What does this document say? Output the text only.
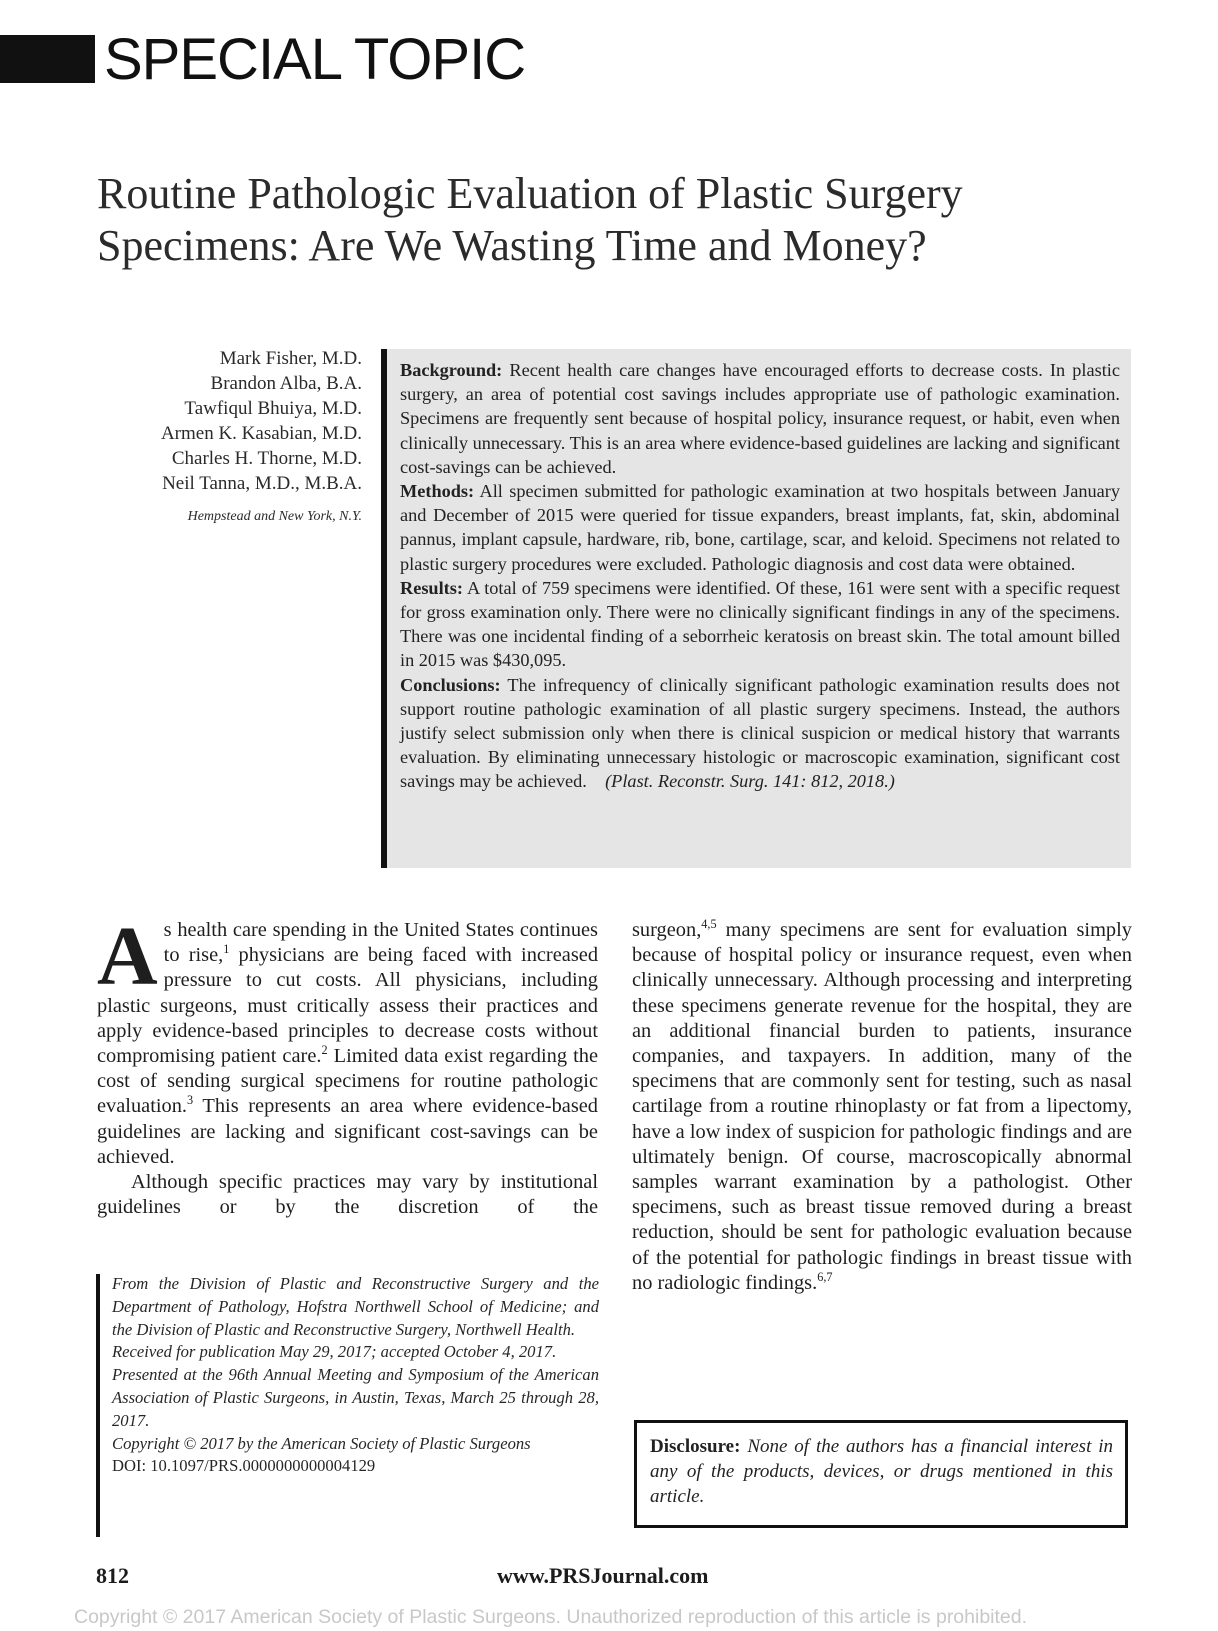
SPECIAL TOPIC
Routine Pathologic Evaluation of Plastic Surgery Specimens: Are We Wasting Time and Money?
Mark Fisher, M.D.
Brandon Alba, B.A.
Tawfiqul Bhuiya, M.D.
Armen K. Kasabian, M.D.
Charles H. Thorne, M.D.
Neil Tanna, M.D., M.B.A.
Hempstead and New York, N.Y.
Background: Recent health care changes have encouraged efforts to decrease costs. In plastic surgery, an area of potential cost savings includes appropriate use of pathologic examination. Specimens are frequently sent because of hospital policy, insurance request, or habit, even when clinically unnecessary. This is an area where evidence-based guidelines are lacking and significant cost-savings can be achieved.
Methods: All specimen submitted for pathologic examination at two hospitals between January and December of 2015 were queried for tissue expanders, breast implants, fat, skin, abdominal pannus, implant capsule, hardware, rib, bone, cartilage, scar, and keloid. Specimens not related to plastic surgery procedures were excluded. Pathologic diagnosis and cost data were obtained.
Results: A total of 759 specimens were identified. Of these, 161 were sent with a specific request for gross examination only. There were no clinically significant findings in any of the specimens. There was one incidental finding of a seborrheic keratosis on breast skin. The total amount billed in 2015 was $430,095.
Conclusions: The infrequency of clinically significant pathologic examination results does not support routine pathologic examination of all plastic surgery specimens. Instead, the authors justify select submission only when there is clinical suspicion or medical history that warrants evaluation. By eliminating unnecessary histologic or macroscopic examination, significant cost savings may be achieved. (Plast. Reconstr. Surg. 141: 812, 2018.)

As health care spending in the United States continues to rise,$^1$ physicians are being faced with increased pressure to cut costs. All physicians, including plastic surgeons, must critically assess their practices and apply evidence-based principles to decrease costs without compromising patient care.$^2$ Limited data exist regarding the cost of sending surgical specimens for routine pathologic evaluation.$^3$ This represents an area where evidence-based guidelines are lacking and significant cost-savings can be achieved.

Although specific practices may vary by institutional guidelines or by the discretion of the

surgeon,$^{4,5}$ many specimens are sent for evaluation simply because of hospital policy or insurance request, even when clinically unnecessary. Although processing and interpreting these specimens generate revenue for the hospital, they are an additional financial burden to patients, insurance companies, and taxpayers. In addition, many of the specimens that are commonly sent for testing, such as nasal cartilage from a routine rhinoplasty or fat from a lipectomy, have a low index of suspicion for pathologic findings and are ultimately benign. Of course, macroscopically abnormal samples warrant examination by a pathologist. Other specimens, such as breast tissue removed during a breast reduction, should be sent for pathologic evaluation because of the potential for pathologic findings in breast tissue with no radiologic findings.$^{6,7}$

From the Division of Plastic and Reconstructive Surgery and the Department of Pathology, Hofstra Northwell School of Medicine; and the Division of Plastic and Reconstructive Surgery, Northwell Health.
Received for publication May 29, 2017; accepted October 4, 2017.
Presented at the 96th Annual Meeting and Symposium of the American Association of Plastic Surgeons, in Austin, Texas, March 25 through 28, 2017.
Copyright © 2017 by the American Society of Plastic Surgeons
DOI: 10.1097/PRS.0000000000004129
Disclosure: None of the authors has a financial interest in any of the products, devices, or drugs mentioned in this article.
812	www.PRSJournal.com
Copyright © 2017 American Society of Plastic Surgeons. Unauthorized reproduction of this article is prohibited.
